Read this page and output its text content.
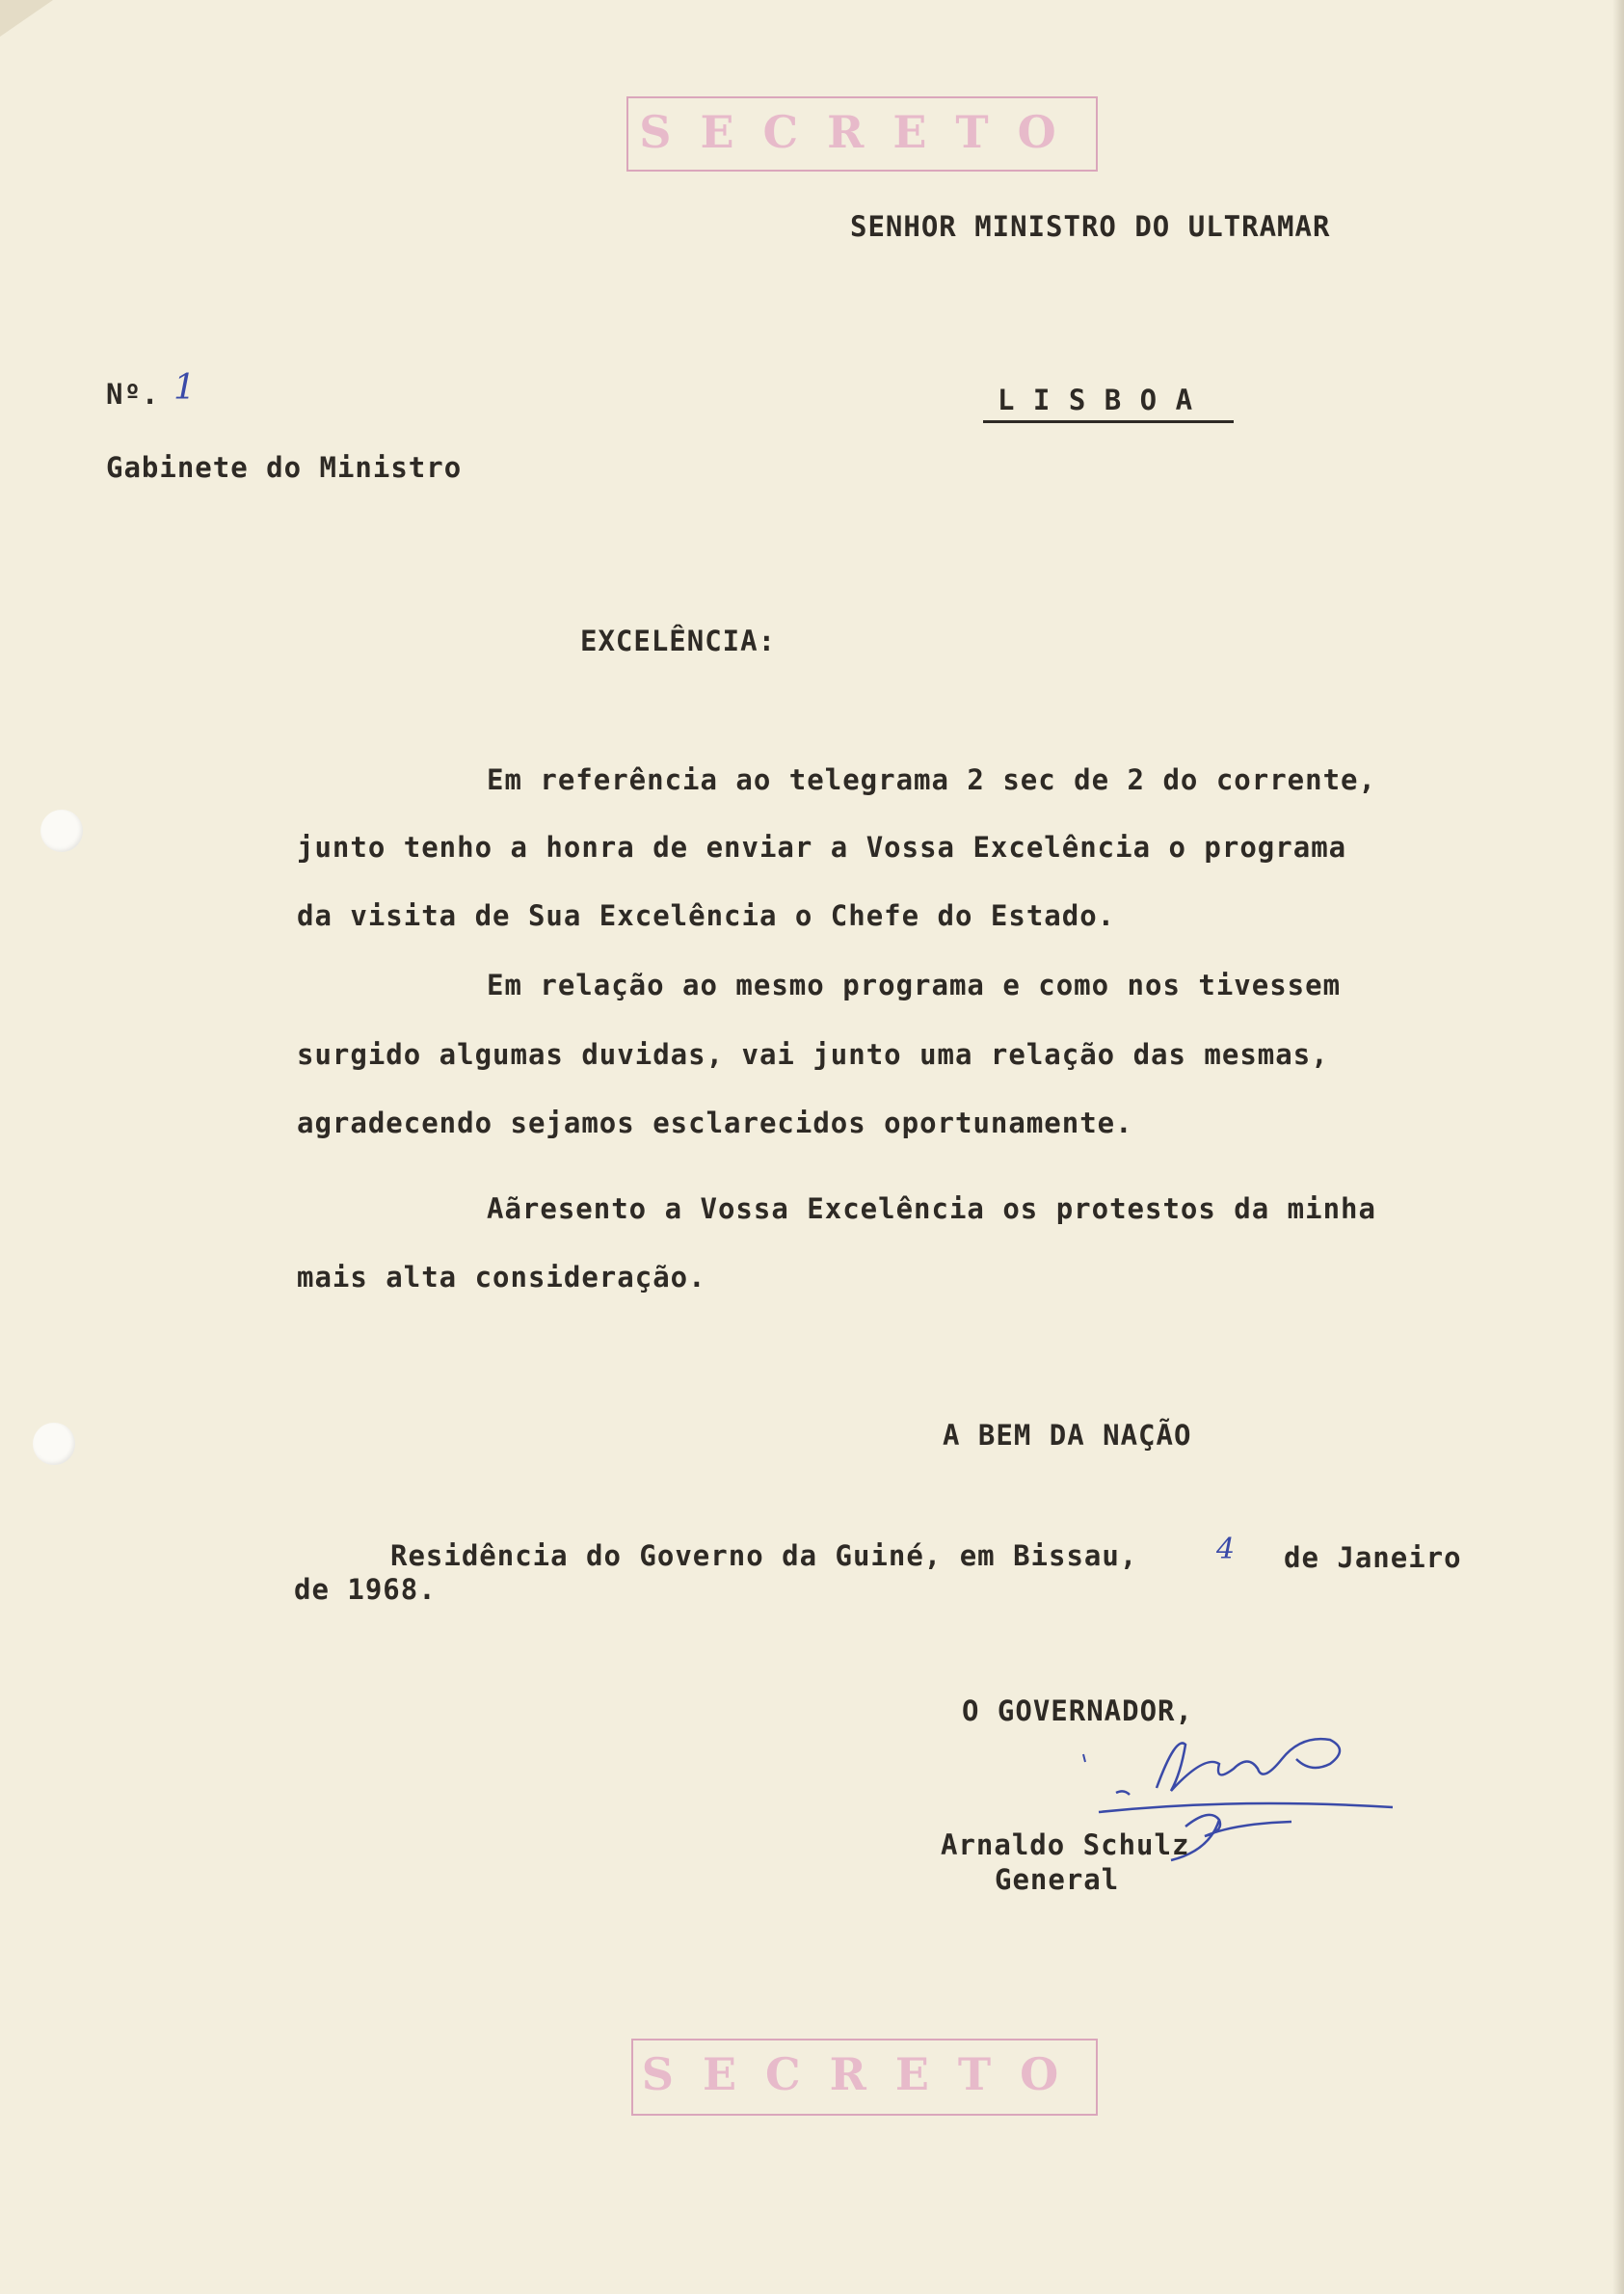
SECRETO
SENHOR MINISTRO DO ULTRAMAR
Nº. 1	L I S B O A
Gabinete do Ministro
EXCELÊNCIA:
Em referência ao telegrama 2 sec de 2 do corrente,
junto tenho a honra de enviar a Vossa Excelência o programa
da visita de Sua Excelência o Chefe do Estado.
Em relação ao mesmo programa e como nos tivessem
surgido algumas duvidas, vai junto uma relação das mesmas,
agradecendo sejamos esclarecidos oportunamente.
Aãresento a Vossa Excelência os protestos da minha
mais alta consideração.
A BEM DA NAÇÃO
Residência do Governo da Guiné, em Bissau,	4 de Janeiro
de 1968.
O GOVERNADOR,
Arnaldo Schulz
General
SECRETO
